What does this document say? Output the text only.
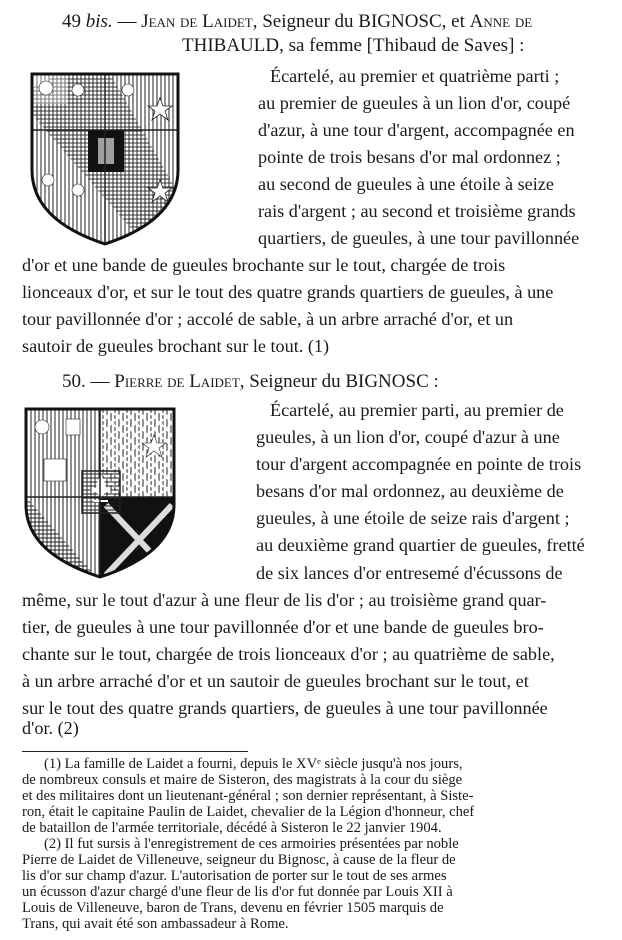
49 bis. — Jean de Laidet, Seigneur du BIGNOSC, et Anne de
THIBAULD, sa femme [Thibaud de Saves] :
Écartelé, au premier et quatrième parti ;
au premier de gueules à un lion d'or, coupé
d'azur, à une tour d'argent, accompagnée en
pointe de trois besans d'or mal ordonnez ;
au second de gueules à une étoile à seize
rais d'argent ; au second et troisième grands
quartiers, de gueules, à une tour pavillonnée
d'or et une bande de gueules brochante sur le tout, chargée de trois
lionceaux d'or, et sur le tout des quatre grands quartiers de gueules, à une
tour pavillonnée d'or ; accolé de sable, à un arbre arraché d'or, et un
sautoir de gueules brochant sur le tout. (1)
50. — Pierre de Laidet, Seigneur du BIGNOSC :
Écartelé, au premier parti, au premier de
gueules, à un lion d'or, coupé d'azur à une
tour d'argent accompagnée en pointe de trois
besans d'or mal ordonnez, au deuxième de
gueules, à une étoile de seize rais d'argent ;
au deuxième grand quartier de gueules, fretté
de six lances d'or entresemé d'écussons de
même, sur le tout d'azur à une fleur de lis d'or ; au troisième grand quar-
tier, de gueules à une tour pavillonnée d'or et une bande de gueules bro-
chante sur le tout, chargée de trois lionceaux d'or ; au quatrième de sable,
à un arbre arraché d'or et un sautoir de gueules brochant sur le tout, et
sur le tout des quatre grands quartiers, de gueules à une tour pavillonnée
d'or. (2)
(1) La famille de Laidet a fourni, depuis le XVᵉ siècle jusqu'à nos jours,
de nombreux consuls et maire de Sisteron, des magistrats à la cour du siège
et des militaires dont un lieutenant-général ; son dernier représentant, à Siste-
ron, était le capitaine Paulin de Laidet, chevalier de la Légion d'honneur, chef
de bataillon de l'armée territoriale, décédé à Sisteron le 22 janvier 1904.
(2) Il fut sursis à l'enregistrement de ces armoiries présentées par noble
Pierre de Laidet de Villeneuve, seigneur du Bignosc, à cause de la fleur de
lis d'or sur champ d'azur. L'autorisation de porter sur le tout de ses armes
un écusson d'azur chargé d'une fleur de lis d'or fut donnée par Louis XII à
Louis de Villeneuve, baron de Trans, devenu en février 1505 marquis de
Trans, qui avait été son ambassadeur à Rome.
